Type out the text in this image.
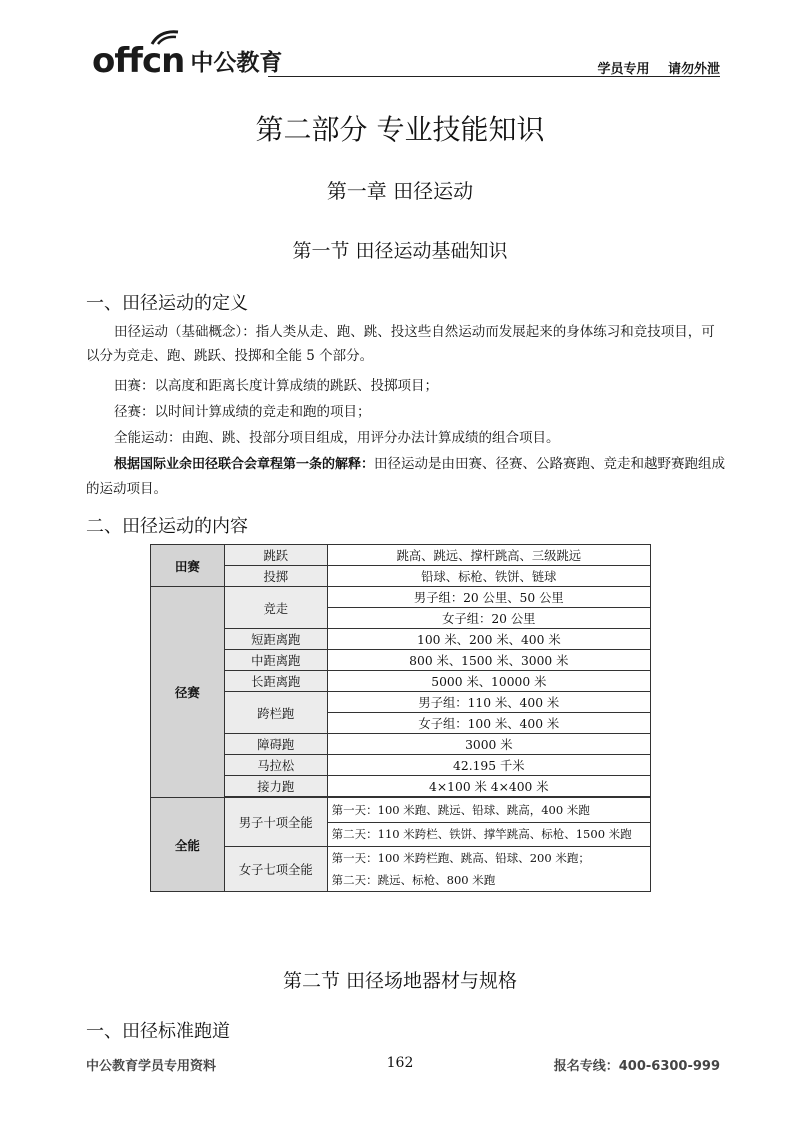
offcn 中公教育	学员专用 请勿外泄
第二部分 专业技能知识
第一章 田径运动
第一节 田径运动基础知识
一、田径运动的定义
田径运动（基础概念）：指人类从走、跑、跳、投这些自然运动而发展起来的身体练习和竞技项目，可以分为竞走、跑、跳跃、投掷和全能 5 个部分。
田赛：以高度和距离长度计算成绩的跳跃、投掷项目；
径赛：以时间计算成绩的竞走和跑的项目；
全能运动：由跑、跳、投部分项目组成，用评分办法计算成绩的组合项目。
根据国际业余田径联合会章程第一条的解释：田径运动是由田赛、径赛、公路赛跑、竞走和越野赛跑组成的运动项目。
二、田径运动的内容
田赛	跳跃	跳高、跳远、撑杆跳高、三级跳远
	投掷	铅球、标枪、铁饼、链球
径赛	竞走	男子组：20 公里、50 公里
		女子组：20 公里
	短距离跑	100 米、200 米、400 米
	中距离跑	800 米、1500 米、3000 米
	长距离跑	5000 米、10000 米
	跨栏跑	男子组：110 米、400 米
		女子组：100 米、400 米
	障碍跑	3000 米
	马拉松	42.195 千米
	接力跑	4×100 米 4×400 米

全能	男子十项全能	第一天：100 米跑、跳远、铅球、跳高，400 米跑
		第二天：110 米跨栏、铁饼、撑竿跳高、标枪、1500 米跑
	女子七项全能	第一天：100 米跨栏跑、跳高、铅球、200 米跑；
		第二天：跳远、标枪、800 米跑
第二节 田径场地器材与规格
一、田径标准跑道
中公教育学员专用资料	162	报名专线：400-6300-999
